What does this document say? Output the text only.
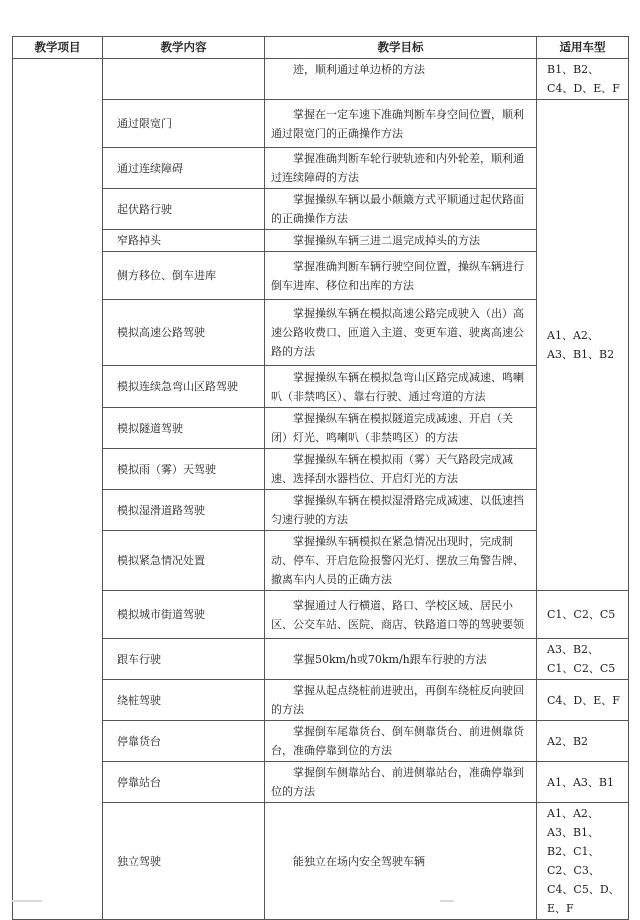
教学项目	教学内容	教学目标	适用车型
		迹，顺利通过单边桥的方法	B1、B2、C4、D、E、F
	通过限宽门	掌握在一定车速下准确判断车身空间位置，顺利通过限宽门的正确操作方法	A1、A2、A3、B1、B2
	通过连续障碍	掌握准确判断车轮行驶轨迹和内外轮差，顺利通过连续障碍的方法	
	起伏路行驶	掌握操纵车辆以最小颠簸方式平顺通过起伏路面的正确操作方法	
	窄路掉头	掌握操纵车辆三进二退完成掉头的方法	
	侧方移位、倒车进库	掌握准确判断车辆行驶空间位置，操纵车辆进行倒车进库、移位和出库的方法	
	模拟高速公路驾驶	掌握操纵车辆在模拟高速公路完成驶入（出）高速公路收费口、匝道入主道、变更车道、驶离高速公路的方法	
	模拟连续急弯山区路驾驶	掌握操纵车辆在模拟急弯山区路完成减速、鸣喇叭（非禁鸣区）、靠右行驶、通过弯道的方法	
	模拟隧道驾驶	掌握操纵车辆在模拟隧道完成减速、开启（关闭）灯光、鸣喇叭（非禁鸣区）的方法	
	模拟雨（雾）天驾驶	掌握操纵车辆在模拟雨（雾）天气路段完成减速、选择刮水器档位、开启灯光的方法	
	模拟湿滑道路驾驶	掌握操纵车辆在模拟湿滑路完成减速、以低速挡匀速行驶的方法	
	模拟紧急情况处置	掌握操纵车辆模拟在紧急情况出现时，完成制动、停车、开启危险报警闪光灯、摆放三角警告牌、撤离车内人员的正确方法	
	模拟城市街道驾驶	掌握通过人行横道、路口、学校区域、居民小区、公交车站、医院、商店、铁路道口等的驾驶要领	C1、C2、C5
	跟车行驶	掌握50km/h或70km/h跟车行驶的方法	A3、B2、C1、C2、C5
	绕桩驾驶	掌握从起点绕桩前进驶出，再倒车绕桩反向驶回的方法	C4、D、E、F
	停靠货台	掌握倒车尾靠货台、倒车侧靠货台、前进侧靠货台，准确停靠到位的方法	A2、B2
	停靠站台	掌握倒车侧靠站台、前进侧靠站台，准确停靠到位的方法	A1、A3、B1
	独立驾驶	能独立在场内安全驾驶车辆	A1、A2、A3、B1、B2、C1、C2、C3、C4、C5、D、E、F
